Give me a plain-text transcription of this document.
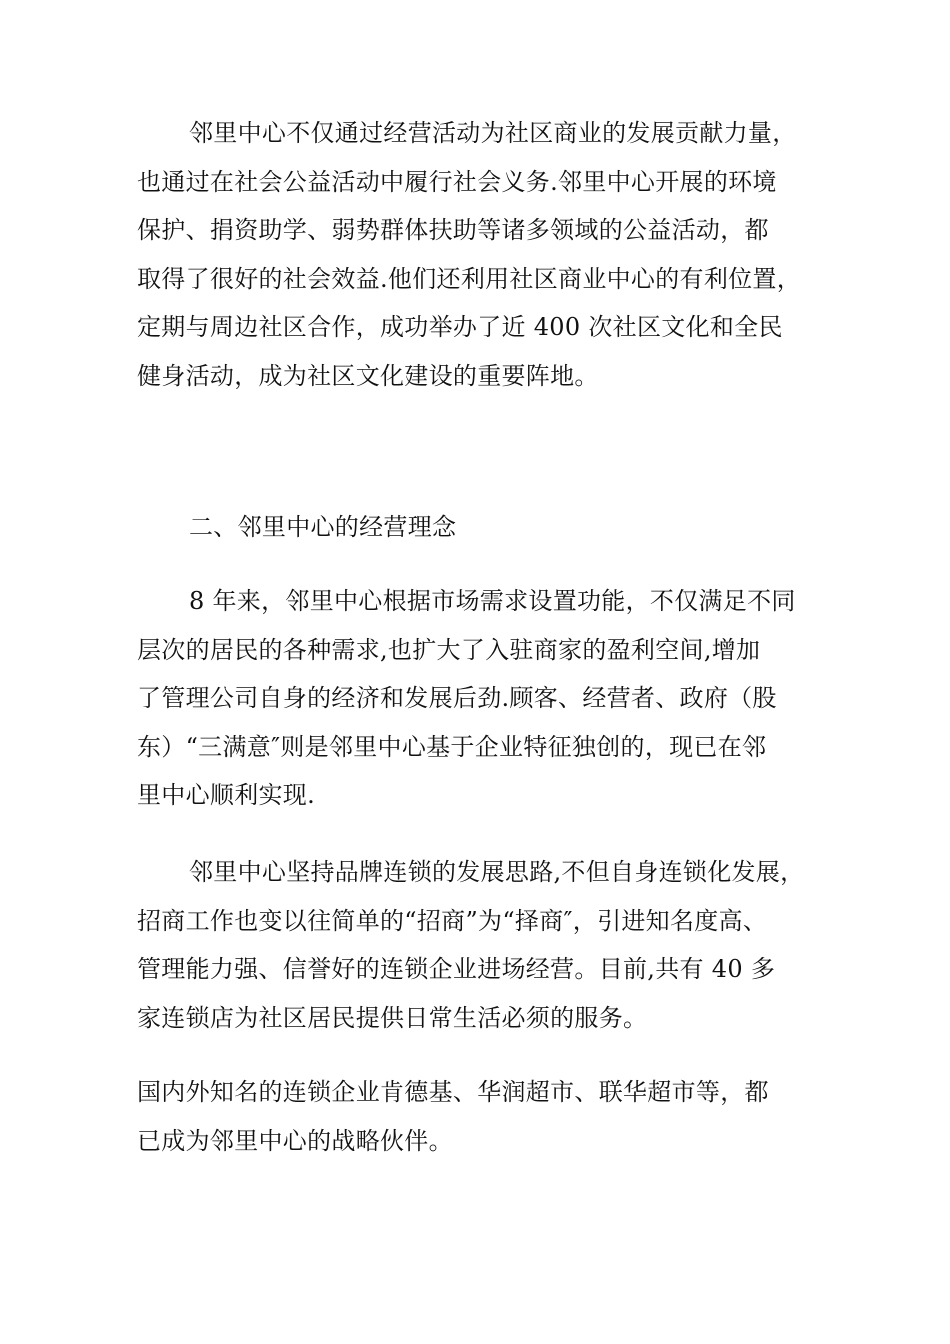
邻里中心不仅通过经营活动为社区商业的发展贡献力量，
也通过在社会公益活动中履行社会义务.邻里中心开展的环境
保护、捐资助学、弱势群体扶助等诸多领域的公益活动，都
取得了很好的社会效益.他们还利用社区商业中心的有利位置，
定期与周边社区合作，成功举办了近 400 次社区文化和全民
健身活动，成为社区文化建设的重要阵地。
二、邻里中心的经营理念
8 年来，邻里中心根据市场需求设置功能，不仅满足不同
层次的居民的各种需求,也扩大了入驻商家的盈利空间,增加
了管理公司自身的经济和发展后劲.顾客、经营者、政府（股
东）“三满意″则是邻里中心基于企业特征独创的，现已在邻
里中心顺利实现.
邻里中心坚持品牌连锁的发展思路,不但自身连锁化发展，
招商工作也变以往简单的“招商”为“择商″，引进知名度高、
管理能力强、信誉好的连锁企业进场经营。目前,共有 40 多
家连锁店为社区居民提供日常生活必须的服务。
国内外知名的连锁企业肯德基、华润超市、联华超市等，都
已成为邻里中心的战略伙伴。
